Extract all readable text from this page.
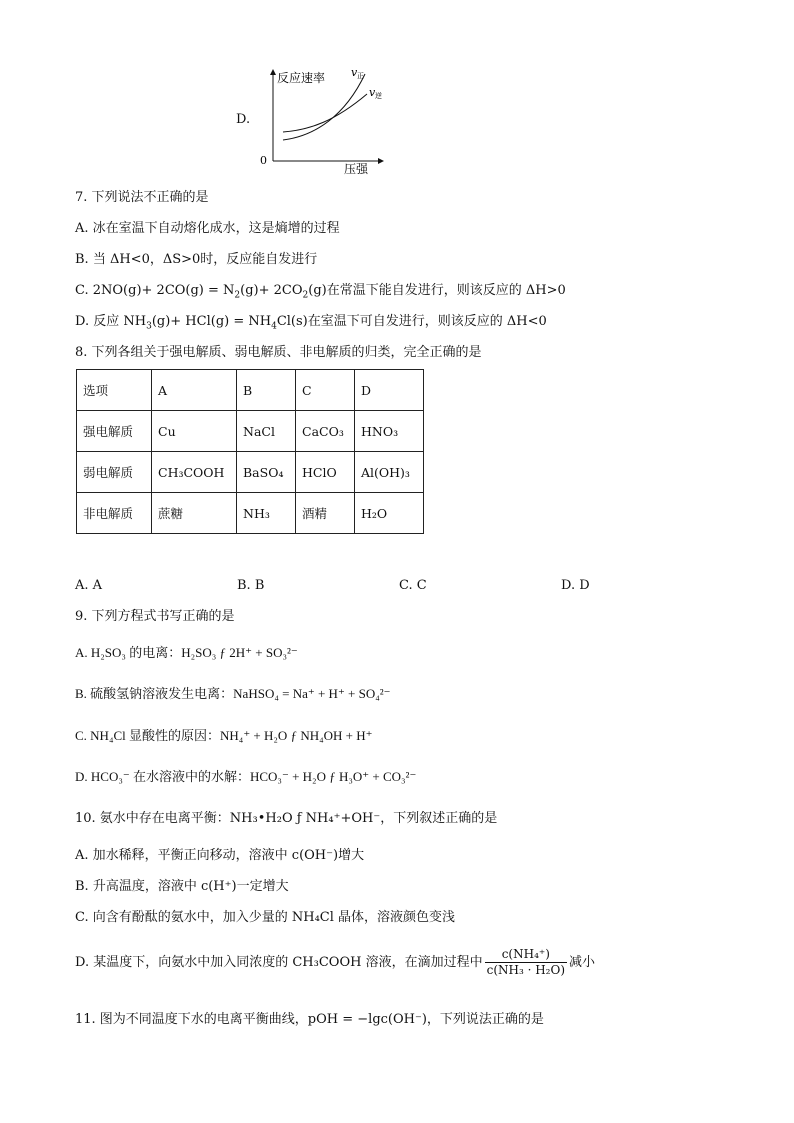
D.
反应速率
压强
0
v 正
v 逆
7. 下列说法不正确的是
A. 冰在室温下自动熔化成水，这是熵增的过程
B. 当 ΔH<0，ΔS>0时，反应能自发进行
C. $2NO(g)+ 2CO(g) = N_2(g)+ 2CO_2(g)$在常温下能自发进行，则该反应的 ΔH>0
D. 反应 $NH_3(g)+ HCl(g) = NH_4Cl(s)$在室温下可自发进行，则该反应的 ΔH<0
8. 下列各组关于强电解质、弱电解质、非电解质的归类，完全正确的是
选项	A	B	C	D
强电解质	Cu	NaCl	CaCO₃	HNO₃
弱电解质	CH₃COOH	BaSO₄	HClO	Al(OH)₃
非电解质	蔗糖	NH₃	酒精	H₂O
A. A	B. B	C. C	D. D
9. 下列方程式书写正确的是
A. H₂SO₃ 的电离：H₂SO₃ ƒ 2H⁺ + SO₃²⁻
B. 硫酸氢钠溶液发生电离：NaHSO₄ = Na⁺ + H⁺ + SO₄²⁻
C. NH₄Cl 显酸性的原因：NH₄⁺ + H₂O ƒ NH₄OH + H⁺
D. HCO₃⁻ 在水溶液中的水解：HCO₃⁻ + H₂O ƒ H₃O⁺ + CO₃²⁻
10. 氨水中存在电离平衡：NH₃•H₂O ƒ NH₄⁺+OH⁻，下列叙述正确的是
A. 加水稀释，平衡正向移动，溶液中 c(OH⁻)增大
B. 升高温度，溶液中 c(H⁺)一定增大
C. 向含有酚酞的氨水中，加入少量的 NH₄Cl 晶体，溶液颜色变浅
D. 某温度下，向氨水中加入同浓度的 CH₃COOH 溶液，在滴加过程中 $\frac{\text{c(NH₄⁺)}}{\text{c(NH₃ · H₂O)}}$ 减小
11. 图为不同温度下水的电离平衡曲线，pOH = −lgc(OH⁻)，下列说法正确的是
